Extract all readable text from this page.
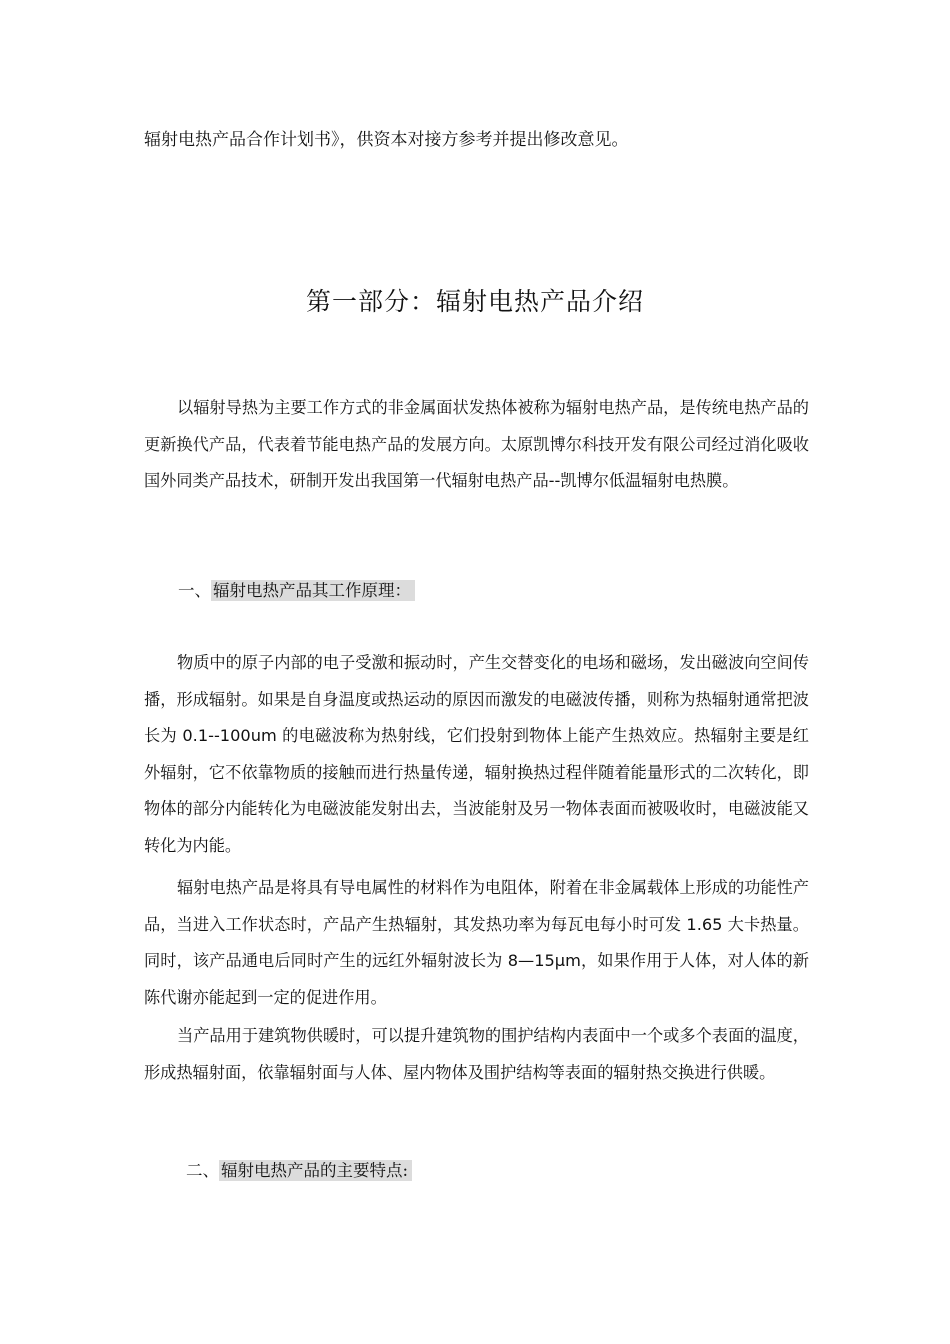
辐射电热产品合作计划书》，供资本对接方参考并提出修改意见。
第一部分：辐射电热产品介绍

以辐射导热为主要工作方式的非金属面状发热体被称为辐射电热产品，是传统电热产品的更新换代产品，代表着节能电热产品的发展方向。太原凯博尔科技开发有限公司经过消化吸收国外同类产品技术，研制开发出我国第一代辐射电热产品--凯博尔低温辐射电热膜。

一、 辐射电热产品其工作原理：

物质中的原子内部的电子受激和振动时，产生交替变化的电场和磁场，发出磁波向空间传播，形成辐射。如果是自身温度或热运动的原因而激发的电磁波传播，则称为热辐射通常把波长为 0.1--100um 的电磁波称为热射线，它们投射到物体上能产生热效应。热辐射主要是红外辐射，它不依靠物质的接触而进行热量传递，辐射换热过程伴随着能量形式的二次转化，即物体的部分内能转化为电磁波能发射出去，当波能射及另一物体表面而被吸收时，电磁波能又转化为内能。

辐射电热产品是将具有导电属性的材料作为电阻体，附着在非金属载体上形成的功能性产品，当进入工作状态时，产品产生热辐射，其发热功率为每瓦电每小时可发 1.65 大卡热量。同时，该产品通电后同时产生的远红外辐射波长为 8—15μm，如果作用于人体，对人体的新陈代谢亦能起到一定的促进作用。

当产品用于建筑物供暖时，可以提升建筑物的围护结构内表面中一个或多个表面的温度，形成热辐射面，依靠辐射面与人体、屋内物体及围护结构等表面的辐射热交换进行供暖。

二、 辐射电热产品的主要特点:
